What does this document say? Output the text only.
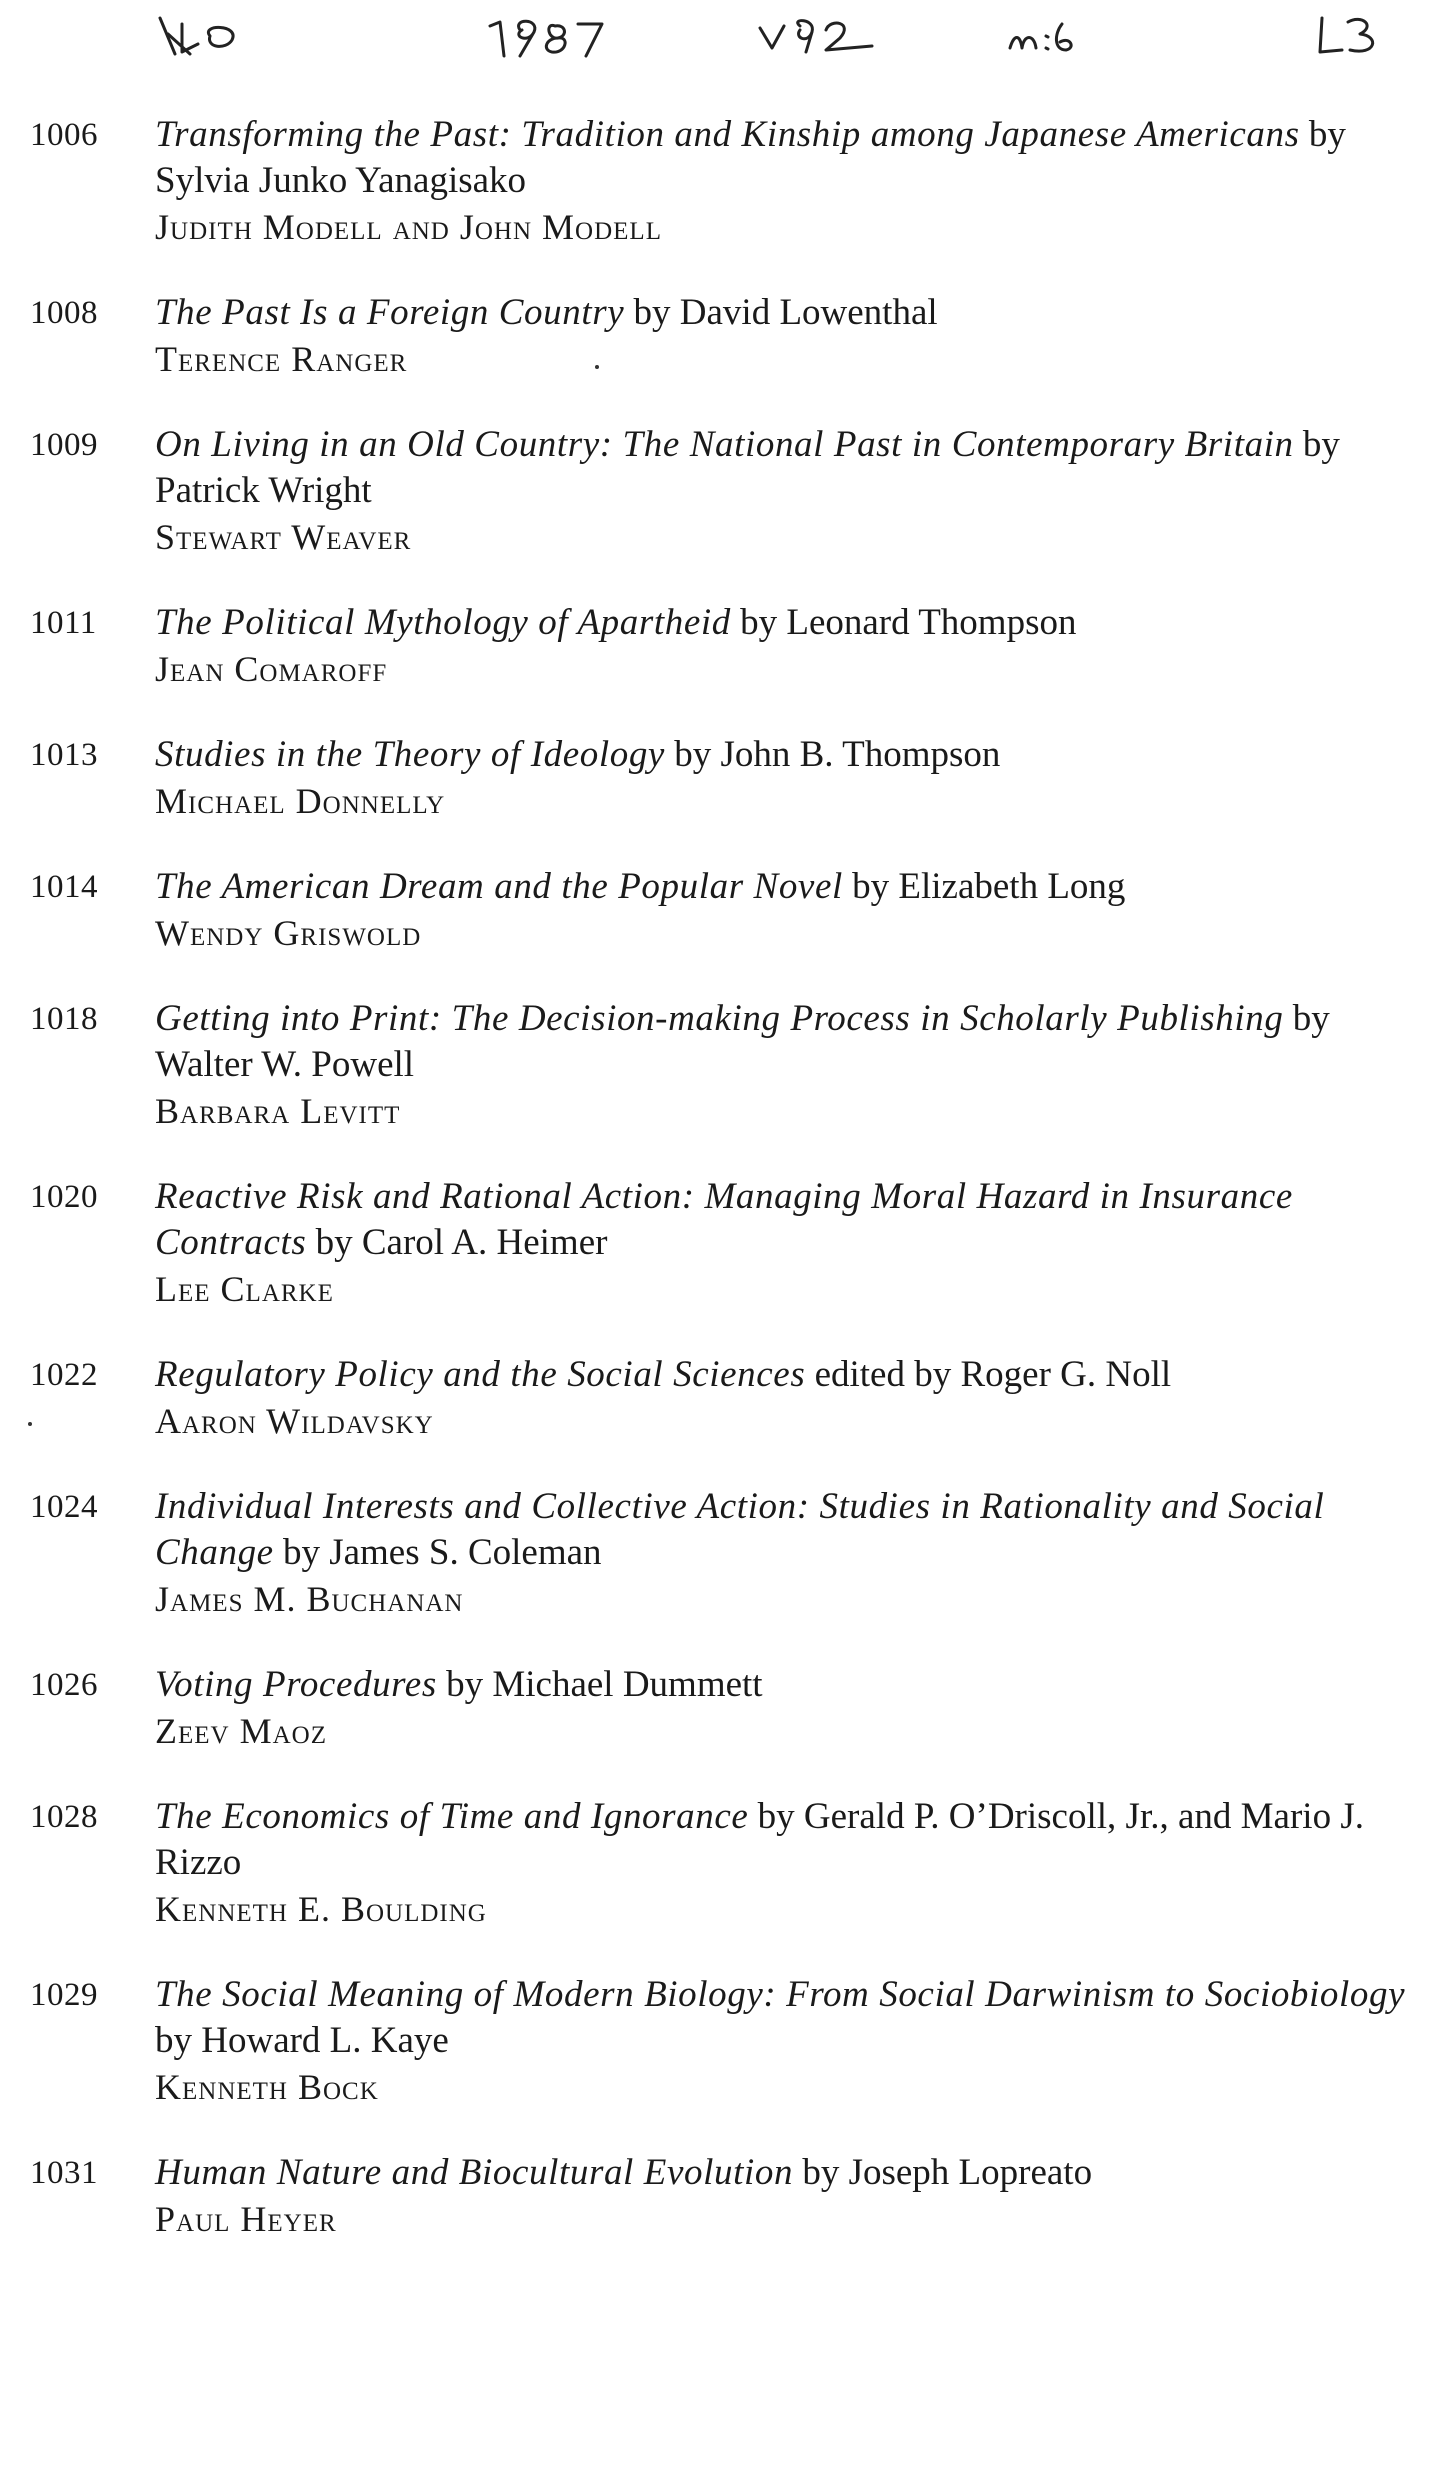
1006 Transforming the Past: Tradition and Kinship among Japanese Americans by Sylvia Junko Yanagisako
Judith Modell and John Modell
1008 The Past Is a Foreign Country by David Lowenthal
Terence Ranger
1009 On Living in an Old Country: The National Past in Contemporary Britain by Patrick Wright
Stewart Weaver
1011 The Political Mythology of Apartheid by Leonard Thompson
Jean Comaroff
1013 Studies in the Theory of Ideology by John B. Thompson
Michael Donnelly
1014 The American Dream and the Popular Novel by Elizabeth Long
Wendy Griswold
1018 Getting into Print: The Decision-making Process in Scholarly Publishing by Walter W. Powell
Barbara Levitt
1020 Reactive Risk and Rational Action: Managing Moral Hazard in Insurance Contracts by Carol A. Heimer
Lee Clarke
1022 Regulatory Policy and the Social Sciences edited by Roger G. Noll
Aaron Wildavsky
1024 Individual Interests and Collective Action: Studies in Rationality and Social Change by James S. Coleman
James M. Buchanan
1026 Voting Procedures by Michael Dummett
Zeev Maoz
1028 The Economics of Time and Ignorance by Gerald P. O’Driscoll, Jr., and Mario J. Rizzo
Kenneth E. Boulding
1029 The Social Meaning of Modern Biology: From Social Darwinism to Sociobiology by Howard L. Kaye
Kenneth Bock
1031 Human Nature and Biocultural Evolution by Joseph Lopreato
Paul Heyer
